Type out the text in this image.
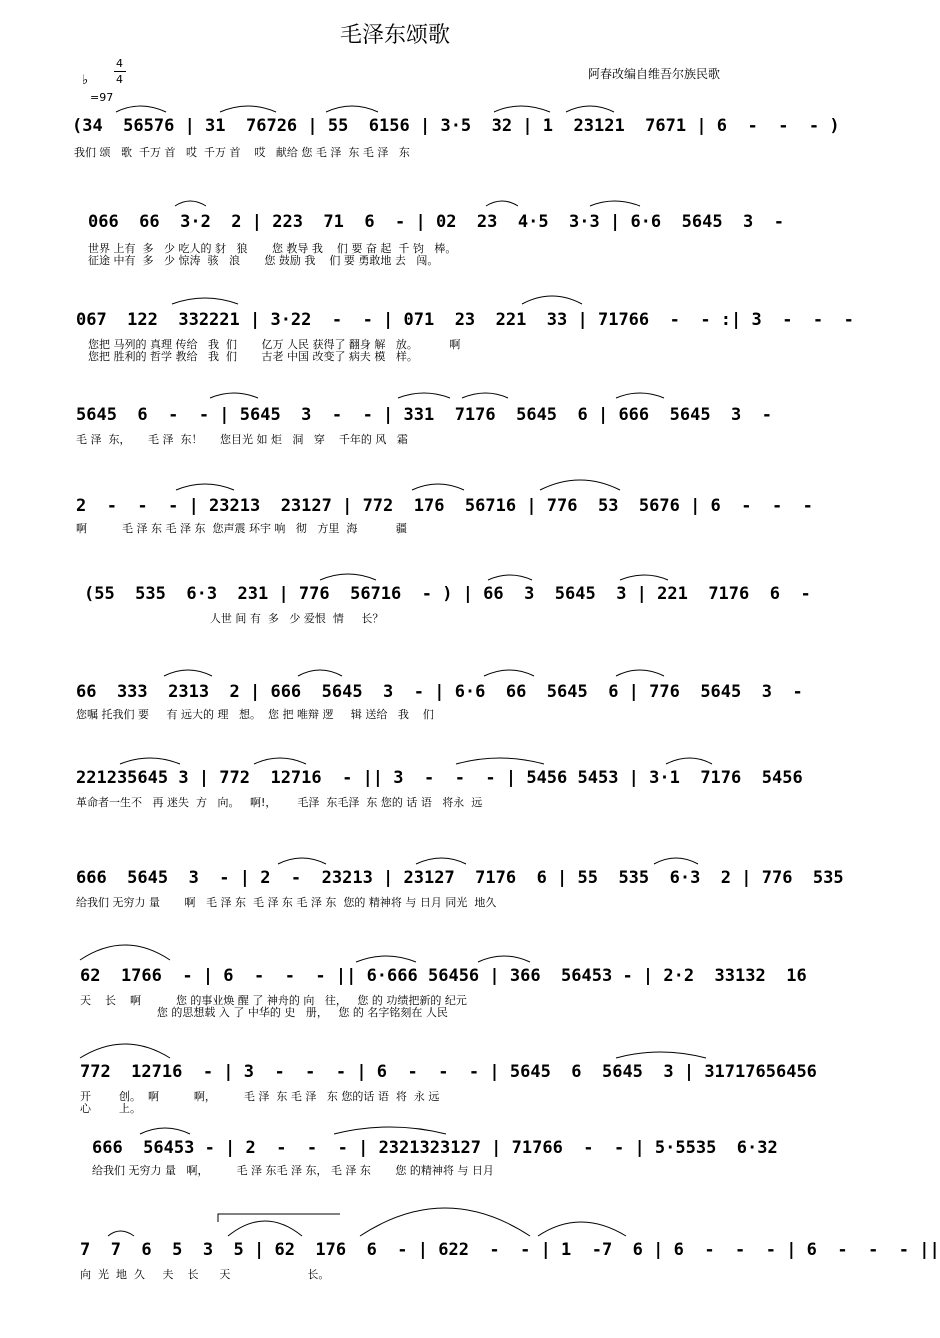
毛泽东颂歌
阿春改编自维吾尔族民歌
4
4
♭
=97
(34  56576 | 31  76726 | 55  6156 | 3·5  32 | 1  23121  7671 | 6  -  -  - )
我们 颂   歌  千万 首   哎  千万 首    哎   献给 您 毛 泽  东 毛 泽   东
066  66  3·2  2 | 223  71  6  - | 02  23  4·5  3·3 | 6·6  5645  3  -
世界 上有  多   少 吃人的 豺   狼       您 教导 我    们 要 奋 起  千 钧   棒。
征途 中有  多   少 惊涛  骇   浪       您 鼓励 我    们 要 勇敢地 去   闯。
067  122  332221 | 3·22  -  - | 071  23  221  33 | 71766  -  - :| 3  -  -  -
您把 马列的 真理 传给   我  们       亿万 人民 获得了 翻身 解   放。         啊
您把 胜利的 哲学 教给   我  们       古老 中国 改变了 病夫 模   样。
5645  6  -  - | 5645  3  -  - | 331  7176  5645  6 | 666  5645  3  -
毛 泽  东，     毛 泽  东！     您目光 如 炬   洞   穿    千年的 风   霜
2  -  -  - | 23213  23127 | 772  176  56716 | 776  53  5676 | 6  -  -  -
啊          毛 泽 东 毛 泽 东  您声震 环宇 响   彻   方里  海           疆
(55  535  6·3  231 | 776  56716  - ) | 66  3  5645  3 | 221  7176  6  -
人世 间 有  多   少 爱恨  情     长？
66  333  2313  2 | 666  5645  3  - | 6·6  66  5645  6 | 776  5645  3  -
您嘱 托我们 要     有 远大的 理   想。  您 把 唯辩 逻     辑 送给   我    们
221235645 3 | 772  12716  - || 3  -  -  - | 5456 5453 | 3·1  7176  5456
革命者一生不   再 迷失  方   向。   啊!，      毛泽  东毛泽  东 您的 话 语   将永  远
666  5645  3  - | 2  -  23213 | 23127  7176  6 | 55  535  6·3  2 | 776  535
给我们 无穷力 量       啊   毛 泽 东  毛 泽 东 毛 泽 东  您的 精神将 与 日月 同光  地久
62  1766  - | 6  -  -  - || 6·666 56456 | 366  56453 - | 2·2  33132  16
天    长    啊          您 的事业焕 醒 了 神舟的 向   往，   您 的 功绩把新的 纪元
您 的思想载 入 了 中华的 史   册，   您 的 名字铭刻在 人民
772  12716  - | 3  -  -  - | 6  -  -  - | 5645  6  5645  3 | 31717656456
开        创。  啊          啊，        毛 泽  东 毛 泽   东 您的话 语  将  永 远
心        上。
666  56453 - | 2  -  -  - | 2321323127 | 71766  -  - | 5·5535  6·32
给我们 无穷力 量   啊，        毛 泽 东毛 泽 东， 毛 泽 东       您 的精神将 与 日月
7  7  6  5  3  5 | 62  176  6  - | 622  -  - | 1  -7  6 | 6  -  -  - | 6  -  -  - ||
向  光  地  久     夫    长      天                      长。
